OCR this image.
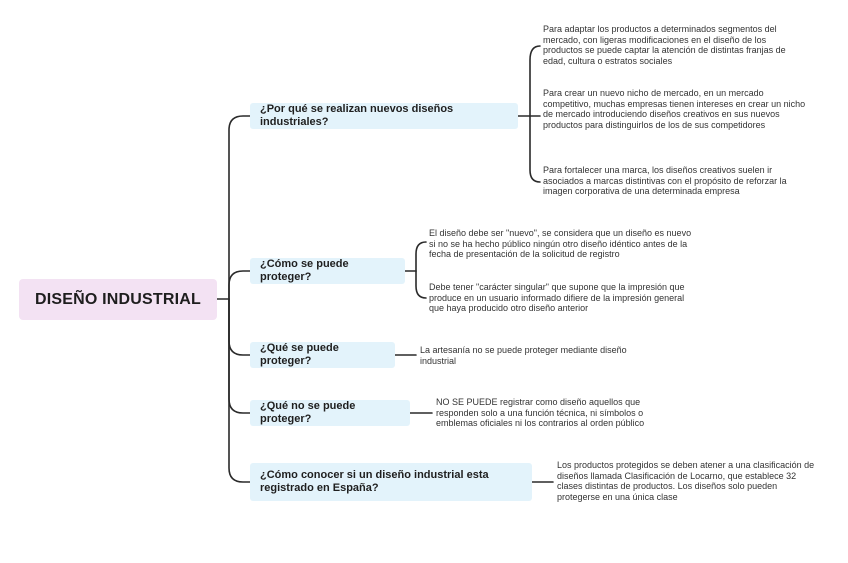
DISEÑO INDUSTRIAL
¿Por qué se realizan nuevos diseños industriales?
Para adaptar los productos a determinados segmentos del mercado, con ligeras modificaciones en el diseño de los productos se puede captar la atención de distintas franjas de edad, cultura o estratos sociales
Para crear un nuevo nicho de mercado, en un mercado competitivo, muchas empresas tienen intereses en crear un nicho de mercado introduciendo diseños creativos en sus nuevos productos para distinguirlos de los de sus competidores
Para fortalecer una marca, los diseños creativos suelen ir asociados a marcas distintivas con el propósito de reforzar la imagen corporativa de una determinada empresa
¿Cómo se puede proteger?
El diseño debe ser "nuevo", se considera que un diseño es nuevo si no se ha hecho público ningún otro diseño idéntico antes de la fecha de presentación de la solicitud de registro
Debe tener "carácter singular" que supone que la impresión que produce en un usuario informado difiere de la impresión general que haya producido otro diseño anterior
¿Qué se puede proteger?
La artesanía no se puede proteger mediante diseño industrial
¿Qué no se puede proteger?
NO SE PUEDE registrar como diseño aquellos que responden solo a una función técnica, ni símbolos o emblemas oficiales ni los contrarios al orden público
¿Cómo conocer si un diseño industrial esta registrado en España?
Los productos protegidos se deben atener a una clasificación de diseños llamada Clasificación de Locarno, que establece 32 clases distintas de productos. Los diseños solo pueden protegerse en una única clase
